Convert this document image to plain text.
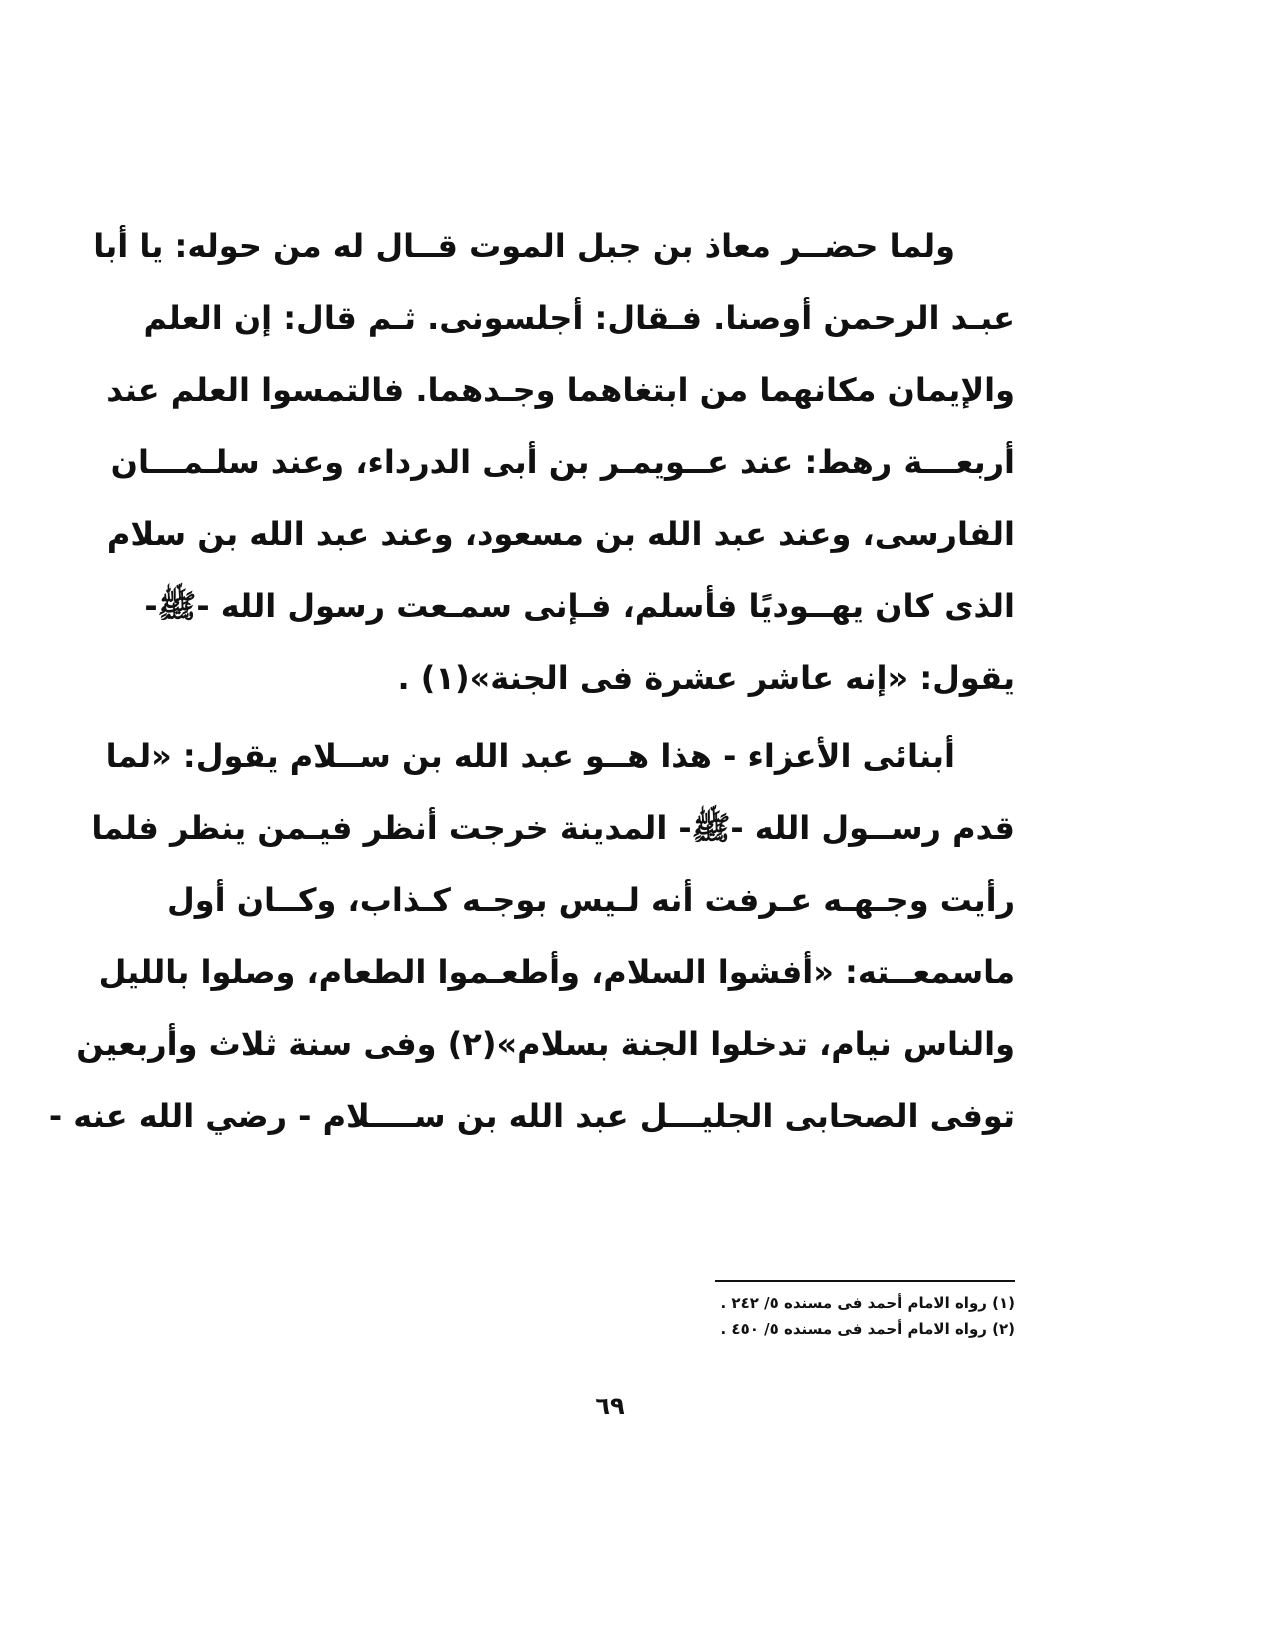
ولما حضــر معاذ بن جبل الموت قــال له من حوله: يا أبا
عبـد الرحمن أوصنا. فـقال: أجلسونى. ثـم قال: إن العلم
والإيمان مكانهما من ابتغاهما وجـدهما. فالتمسوا العلم عند
أربعـــة رهط: عند عــويمـر بن أبى الدرداء، وعند سلـمـــان
الفارسى، وعند عبد الله بن مسعود، وعند عبد الله بن سلام
الذى كان يهــوديًا فأسلم، فـإنى سمـعت رسول الله -ﷺ-
يقول: «إنه عاشر عشرة فى الجنة»(١) .
أبنائى الأعزاء - هذا هــو عبد الله بن ســلام يقول: «لما
قدم رســول الله -ﷺ- المدينة خرجت أنظر فيـمن ينظر فلما
رأيت وجـهـه عـرفت أنه لـيس بوجـه كـذاب، وكــان أول
ماسمعــته: «أفشوا السلام، وأطعـموا الطعام، وصلوا بالليل
والناس نيام، تدخلوا الجنة بسلام»(٢) وفى سنة ثلاث وأربعين
توفى الصحابى الجليـــل عبد الله بن ســــلام - رضي الله عنه -
(١) رواه الامام أحمد فى مسنده ٥/ ٢٤٢ .
(٢) رواه الامام أحمد فى مسنده ٥/ ٤٥٠ .
٦٩
